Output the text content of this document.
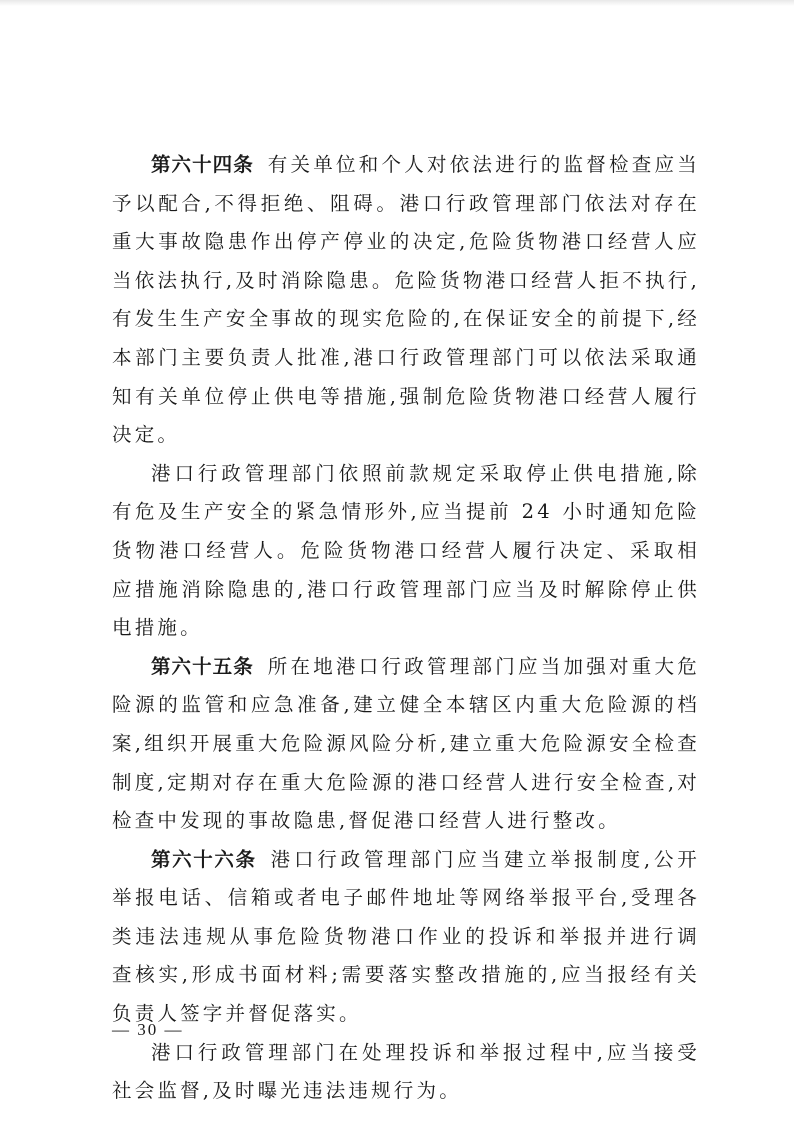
第六十四条 有关单位和个人对依法进行的监督检查应当予以配合,不得拒绝、阻碍。港口行政管理部门依法对存在重大事故隐患作出停产停业的决定,危险货物港口经营人应当依法执行,及时消除隐患。危险货物港口经营人拒不执行,有发生生产安全事故的现实危险的,在保证安全的前提下,经本部门主要负责人批准,港口行政管理部门可以依法采取通知有关单位停止供电等措施,强制危险货物港口经营人履行决定。

港口行政管理部门依照前款规定采取停止供电措施,除有危及生产安全的紧急情形外,应当提前 24 小时通知危险货物港口经营人。危险货物港口经营人履行决定、采取相应措施消除隐患的,港口行政管理部门应当及时解除停止供电措施。

第六十五条 所在地港口行政管理部门应当加强对重大危险源的监管和应急准备,建立健全本辖区内重大危险源的档案,组织开展重大危险源风险分析,建立重大危险源安全检查制度,定期对存在重大危险源的港口经营人进行安全检查,对检查中发现的事故隐患,督促港口经营人进行整改。

第六十六条 港口行政管理部门应当建立举报制度,公开举报电话、信箱或者电子邮件地址等网络举报平台,受理各类违法违规从事危险货物港口作业的投诉和举报并进行调查核实,形成书面材料;需要落实整改措施的,应当报经有关负责人签字并督促落实。

港口行政管理部门在处理投诉和举报过程中,应当接受社会监督,及时曝光违法违规行为。

— 30 —
